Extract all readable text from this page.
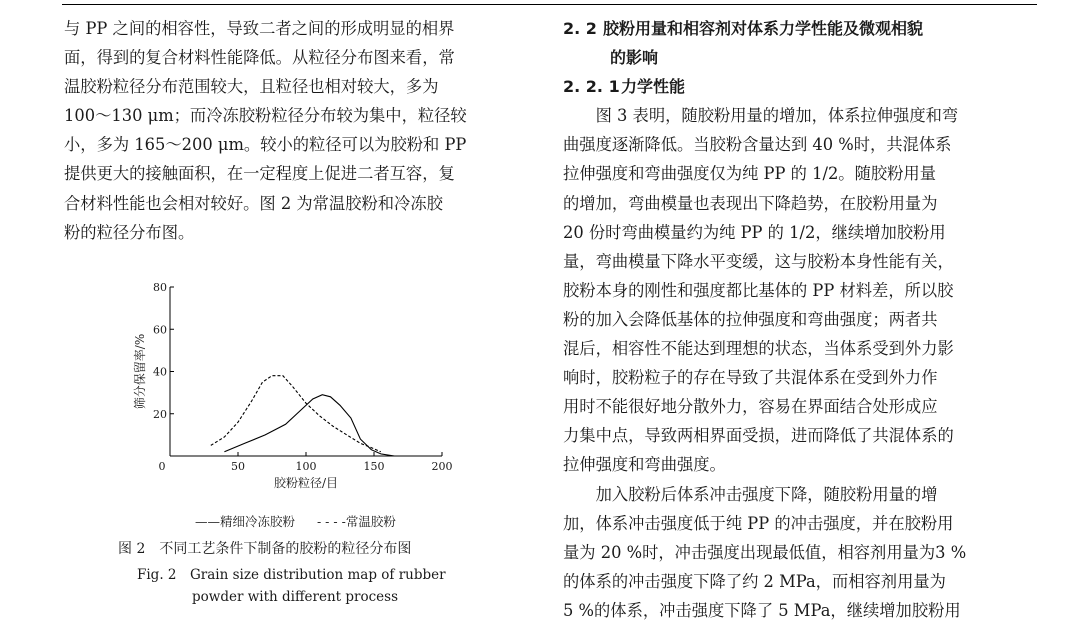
与 PP 之间的相容性，导致二者之间的形成明显的相界
面，得到的复合材料性能降低。从粒径分布图来看，常
温胶粉粒径分布范围较大，且粒径也相对较大，多为
100～130 μm；而冷冻胶粉粒径分布较为集中，粒径较
小，多为 165～200 μm。较小的粒径可以为胶粉和 PP
提供更大的接触面积，在一定程度上促进二者互容，复
合材料性能也会相对较好。图 2 为常温胶粉和冷冻胶
粉的粒径分布图。

0	50	100	150	200
20
40
60
80
胶粉粒径/目
筛分保留率/%
——精细冷冻胶粉 - - - -常温胶粉
图 2　不同工艺条件下制备的胶粉的粒径分布图
Fig. 2　Grain size distribution map of rubber
powder with different process
2. 2 胶粉用量和相容剂对体系力学性能及微观相貌
的影响
2. 2. 1力学性能

　　图 3 表明，随胶粉用量的增加，体系拉伸强度和弯
曲强度逐渐降低。当胶粉含量达到 40 %时，共混体系
拉伸强度和弯曲强度仅为纯 PP 的 1/2。随胶粉用量
的增加，弯曲模量也表现出下降趋势，在胶粉用量为
20 份时弯曲模量约为纯 PP 的 1/2，继续增加胶粉用
量，弯曲模量下降水平变缓，这与胶粉本身性能有关，
胶粉本身的刚性和强度都比基体的 PP 材料差，所以胶
粉的加入会降低基体的拉伸强度和弯曲强度；两者共
混后，相容性不能达到理想的状态，当体系受到外力影
响时，胶粉粒子的存在导致了共混体系在受到外力作
用时不能很好地分散外力，容易在界面结合处形成应
力集中点，导致两相界面受损，进而降低了共混体系的
拉伸强度和弯曲强度。
　　加入胶粉后体系冲击强度下降，随胶粉用量的增
加，体系冲击强度低于纯 PP 的冲击强度，并在胶粉用
量为 20 %时，冲击强度出现最低值，相容剂用量为3 %
的体系的冲击强度下降了约 2 MPa，而相容剂用量为
5 %的体系，冲击强度下降了 5 MPa，继续增加胶粉用
